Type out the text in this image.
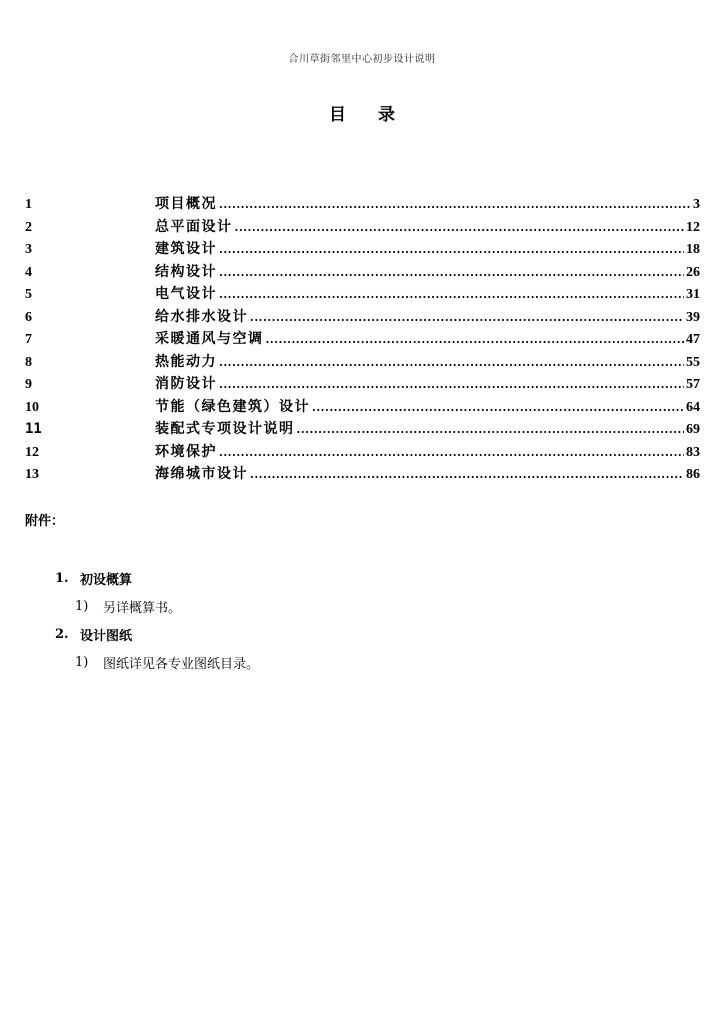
合川草街邻里中心初步设计说明
目 录
1	项目概况 .....	3
2	总平面设计 .....	12
3	建筑设计 .....	18
4	结构设计 .....	26
5	电气设计 .....	31
6	给水排水设计 .....	39
7	采暖通风与空调 .....	47
8	热能动力 .....	55
9	消防设计 .....	57
10	节能（绿色建筑）设计 .....	64
11	装配式专项设计说明 .....	69
12	环境保护 .....	83
13	海绵城市设计 .....	86
附件：
1. 初设概算
1)	另详概算书。
2. 设计图纸
1)	图纸详见各专业图纸目录。
